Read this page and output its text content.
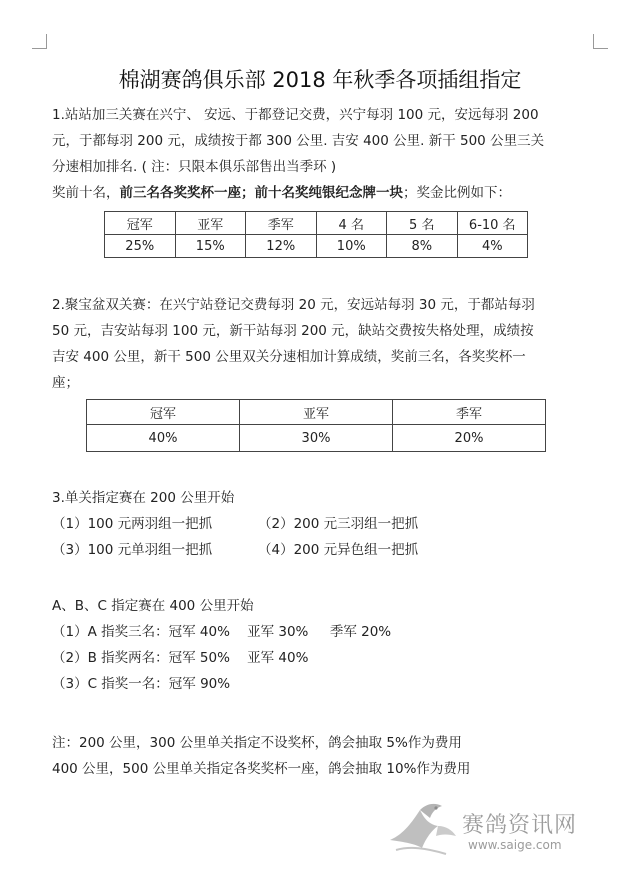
棉湖赛鸽俱乐部 2018 年秋季各项插组指定

1.站站加三关赛在兴宁、 安远、于都登记交费，兴宁每羽 100 元，安远每羽 200

元，于都每羽 200 元，成绩按于都 300 公里. 吉安 400 公里. 新干 500 公里三关

分速相加排名. ( 注：只限本俱乐部售出当季环 )

奖前十名，前三名各奖奖杯一座；前十名奖纯银纪念牌一块；奖金比例如下：

冠军	亚军	季军	4 名	5 名	6-10 名
25%	15%	12%	10%	8%	4%

2.聚宝盆双关赛：在兴宁站登记交费每羽 20 元，安远站每羽 30 元，于都站每羽

50 元，吉安站每羽 100 元，新干站每羽 200 元，缺站交费按失格处理，成绩按

吉安 400 公里，新干 500 公里双关分速相加计算成绩，奖前三名，各奖奖杯一

座；

冠军	亚军	季军
40%	30%	20%

3.单关指定赛在 200 公里开始

（1）100 元两羽组一把抓	（2）200 元三羽组一把抓
（3）100 元单羽组一把抓	（4）200 元异色组一把抓

A、B、C 指定赛在 400 公里开始

（1）A 指奖三名：冠军 40%    亚军 30%     季军 20%

（2）B 指奖两名：冠军 50%    亚军 40%

（3）C 指奖一名：冠军 90%

注：200 公里，300 公里单关指定不设奖杯，鸽会抽取 5%作为费用

400 公里，500 公里单关指定各奖奖杯一座，鸽会抽取 10%作为费用

赛鸽资讯网
www.saige.com
